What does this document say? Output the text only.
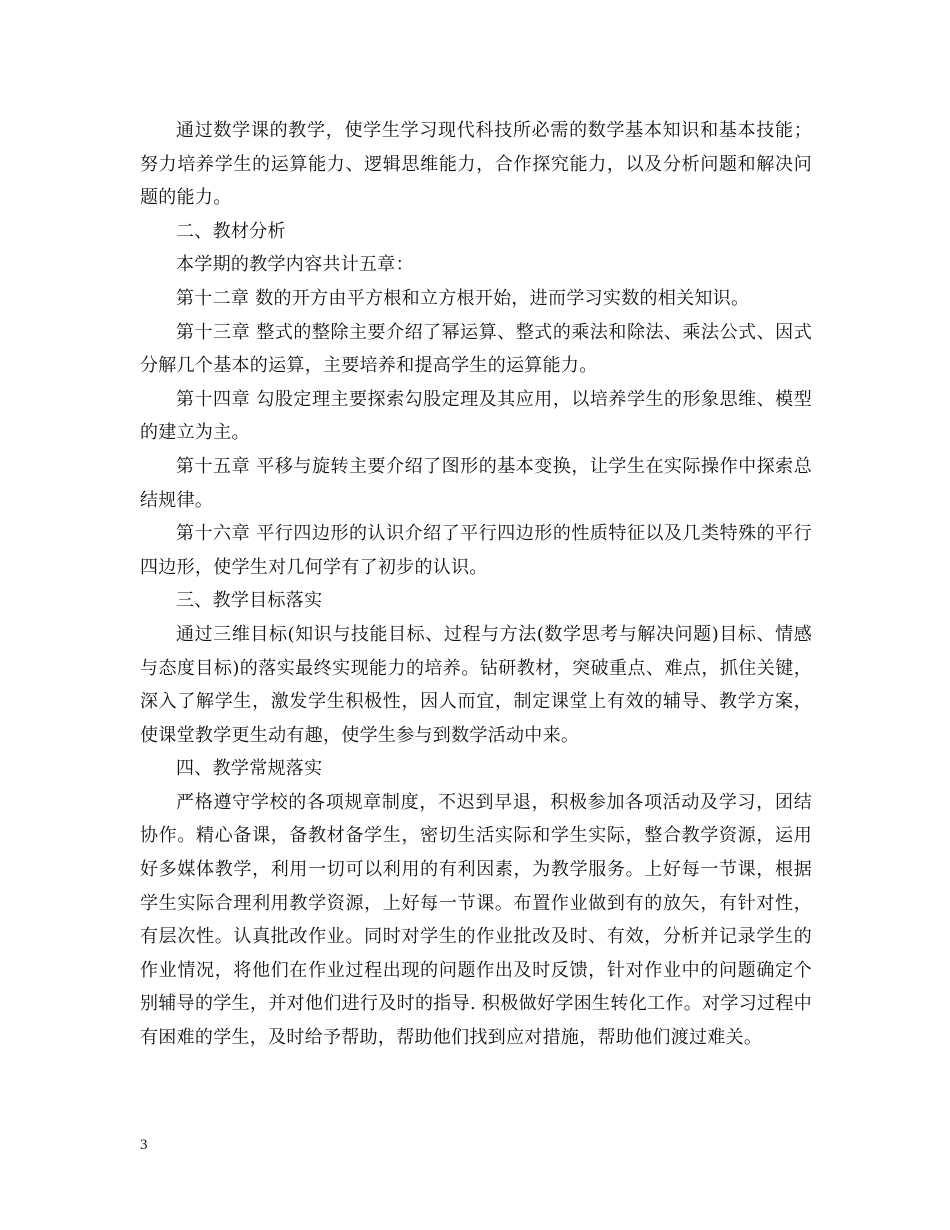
通过数学课的教学，使学生学习现代科技所必需的数学基本知识和基本技能；努力培养学生的运算能力、逻辑思维能力，合作探究能力，以及分析问题和解决问题的能力。

二、教材分析

本学期的教学内容共计五章：

第十二章 数的开方由平方根和立方根开始，进而学习实数的相关知识。

第十三章 整式的整除主要介绍了幂运算、整式的乘法和除法、乘法公式、因式分解几个基本的运算，主要培养和提高学生的运算能力。

第十四章 勾股定理主要探索勾股定理及其应用，以培养学生的形象思维、模型的建立为主。

第十五章 平移与旋转主要介绍了图形的基本变换，让学生在实际操作中探索总结规律。

第十六章 平行四边形的认识介绍了平行四边形的性质特征以及几类特殊的平行四边形，使学生对几何学有了初步的认识。

三、教学目标落实

通过三维目标(知识与技能目标、过程与方法(数学思考与解决问题)目标、情感与态度目标)的落实最终实现能力的培养。钻研教材，突破重点、难点，抓住关键，深入了解学生，激发学生积极性，因人而宜，制定课堂上有效的辅导、教学方案，使课堂教学更生动有趣，使学生参与到数学活动中来。

四、教学常规落实

严格遵守学校的各项规章制度，不迟到早退，积极参加各项活动及学习，团结协作。精心备课，备教材备学生，密切生活实际和学生实际，整合教学资源，运用好多媒体教学，利用一切可以利用的有利因素，为教学服务。上好每一节课，根据学生实际合理利用教学资源，上好每一节课。布置作业做到有的放矢，有针对性，有层次性。认真批改作业。同时对学生的作业批改及时、有效，分析并记录学生的作业情况，将他们在作业过程出现的问题作出及时反馈，针对作业中的问题确定个别辅导的学生，并对他们进行及时的指导. 积极做好学困生转化工作。对学习过程中有困难的学生，及时给予帮助，帮助他们找到应对措施，帮助他们渡过难关。

3
